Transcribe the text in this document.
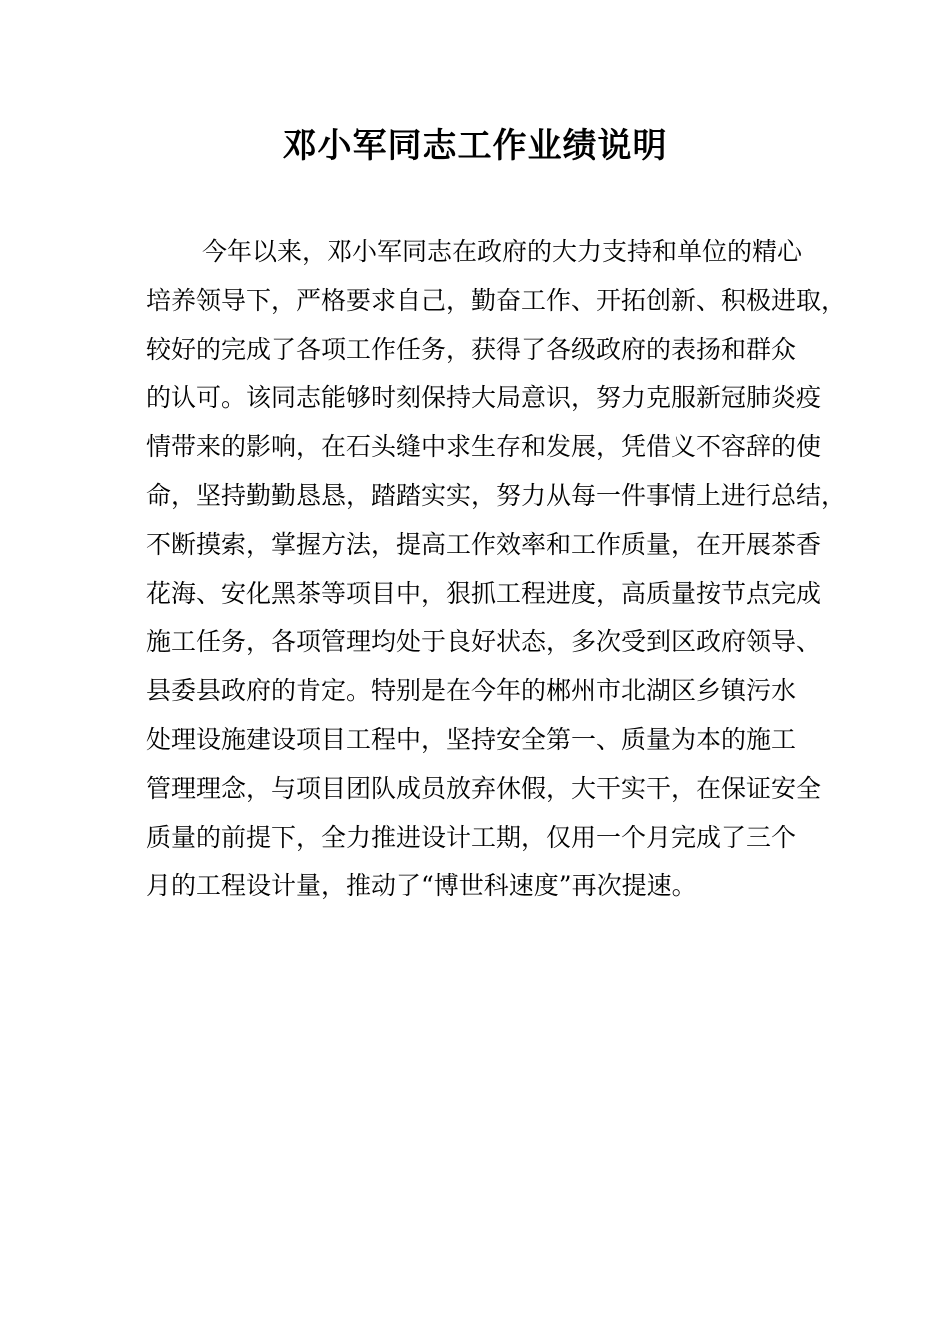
邓小军同志工作业绩说明
今年以来，邓小军同志在政府的大力支持和单位的精心
培养领导下，严格要求自己，勤奋工作、开拓创新、积极进取，
较好的完成了各项工作任务，获得了各级政府的表扬和群众
的认可。该同志能够时刻保持大局意识，努力克服新冠肺炎疫
情带来的影响，在石头缝中求生存和发展，凭借义不容辞的使
命，坚持勤勤恳恳，踏踏实实，努力从每一件事情上进行总结，
不断摸索，掌握方法，提高工作效率和工作质量，在开展茶香
花海、安化黑茶等项目中，狠抓工程进度，高质量按节点完成
施工任务，各项管理均处于良好状态，多次受到区政府领导、
县委县政府的肯定。特别是在今年的郴州市北湖区乡镇污水
处理设施建设项目工程中，坚持安全第一、质量为本的施工
管理理念，与项目团队成员放弃休假，大干实干，在保证安全
质量的前提下，全力推进设计工期，仅用一个月完成了三个
月的工程设计量，推动了“博世科速度”再次提速。
